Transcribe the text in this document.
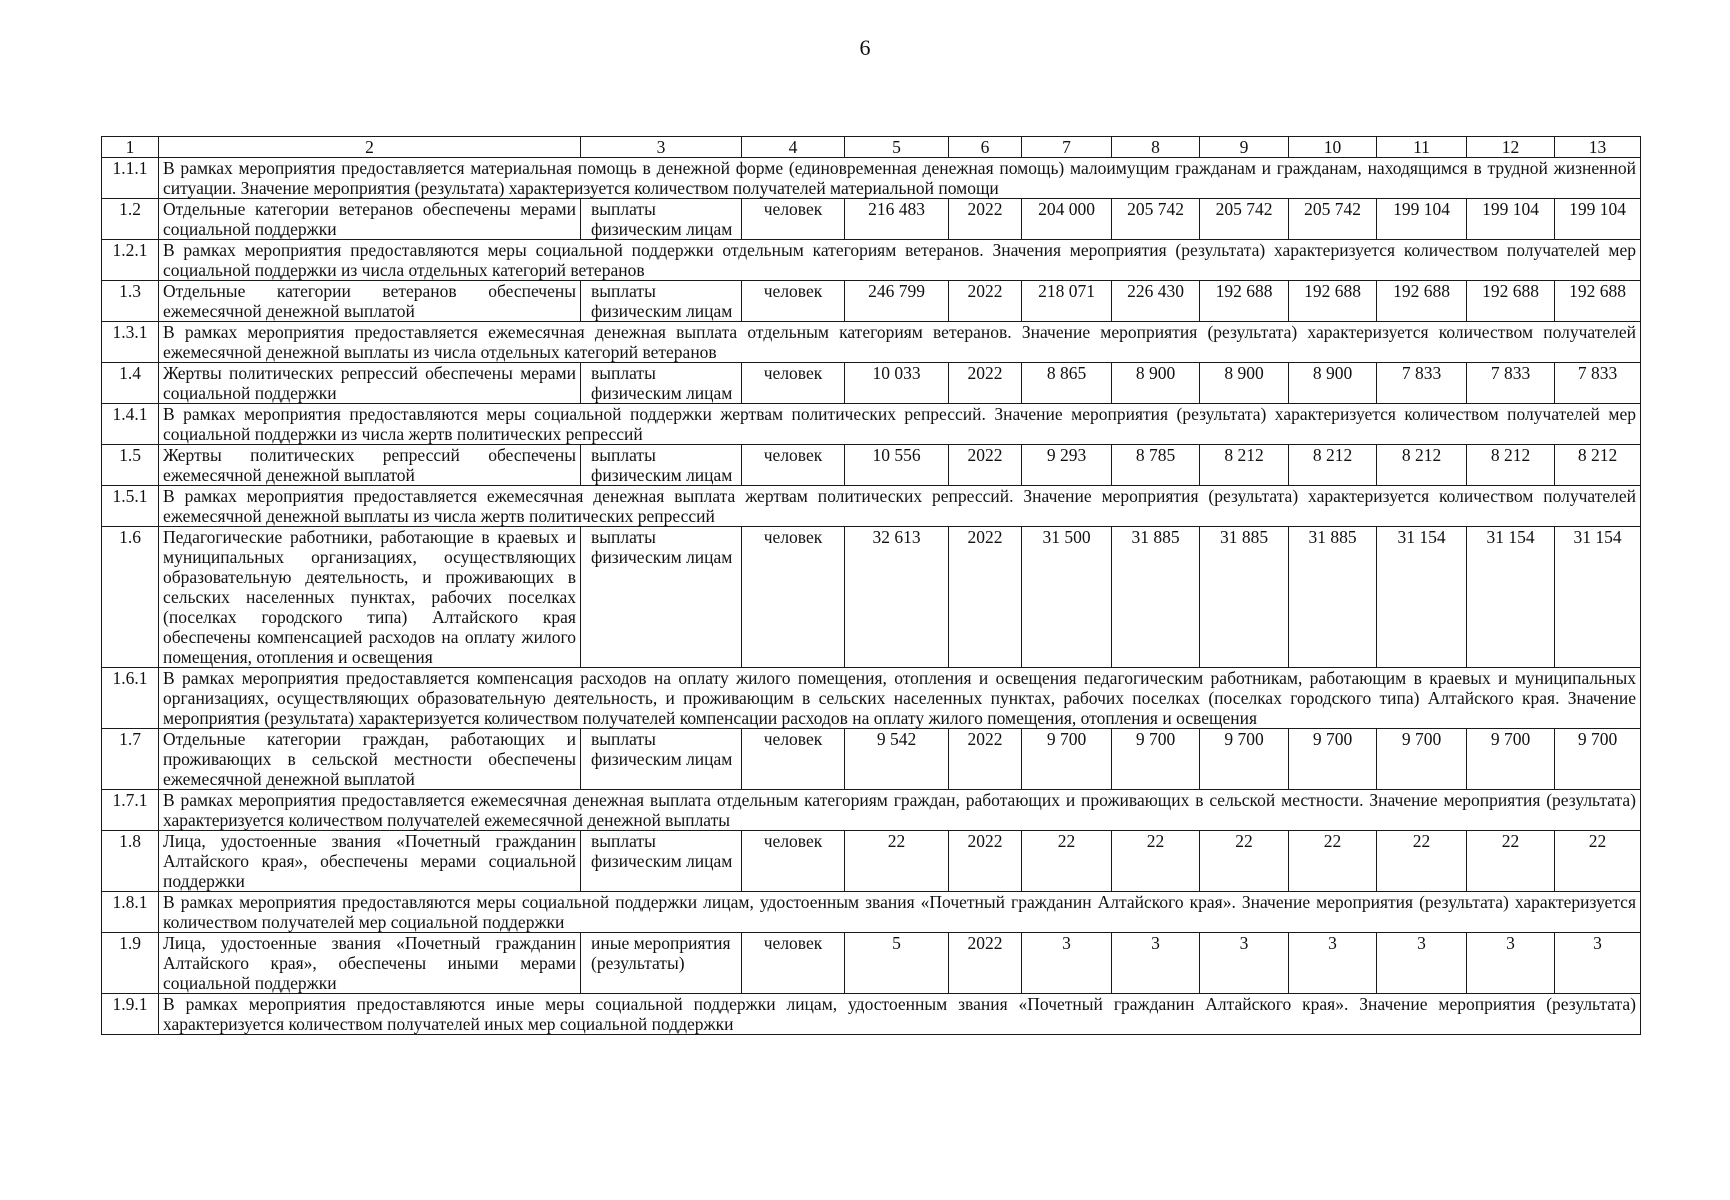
6
1	2	3	4	5	6	7	8	9	10	11	12	13
1.1.1	В рамках мероприятия предоставляется материальная помощь в денежной форме (единовременная денежная помощь) малоимущим гражданам и гражданам, находящимся в трудной жизненной ситуации. Значение мероприятия (результата) характеризуется количеством получателей материальной помощи											
1.2	Отдельные категории ветеранов обеспечены мерами социальной поддержки	выплаты физическим лицам	человек	216 483	2022	204 000	205 742	205 742	205 742	199 104	199 104	199 104
1.2.1	В рамках мероприятия предоставляются меры социальной поддержки отдельным категориям ветеранов. Значения мероприятия (результата) характеризуется количеством получателей мер социальной поддержки из числа отдельных категорий ветеранов											
1.3	Отдельные категории ветеранов обеспечены ежемесячной денежной выплатой	выплаты физическим лицам	человек	246 799	2022	218 071	226 430	192 688	192 688	192 688	192 688	192 688
1.3.1	В рамках мероприятия предоставляется ежемесячная денежная выплата отдельным категориям ветеранов. Значение мероприятия (результата) характеризуется количеством получателей ежемесячной денежной выплаты из числа отдельных категорий ветеранов											
1.4	Жертвы политических репрессий обеспечены мерами социальной поддержки	выплаты физическим лицам	человек	10 033	2022	8 865	8 900	8 900	8 900	7 833	7 833	7 833
1.4.1	В рамках мероприятия предоставляются меры социальной поддержки жертвам политических репрессий. Значение мероприятия (результата) характеризуется количеством получателей мер социальной поддержки из числа жертв политических репрессий											
1.5	Жертвы политических репрессий обеспечены ежемесячной денежной выплатой	выплаты физическим лицам	человек	10 556	2022	9 293	8 785	8 212	8 212	8 212	8 212	8 212
1.5.1	В рамках мероприятия предоставляется ежемесячная денежная выплата жертвам политических репрессий. Значение мероприятия (результата) характеризуется количеством получателей ежемесячной денежной выплаты из числа жертв политических репрессий											
1.6	Педагогические работники, работающие в краевых и муниципальных организациях, осуществляющих образовательную деятельность, и проживающих в сельских населенных пунктах, рабочих поселках (поселках городского типа) Алтайского края обеспечены компенсацией расходов на оплату жилого помещения, отопления и освещения	выплаты физическим лицам	человек	32 613	2022	31 500	31 885	31 885	31 885	31 154	31 154	31 154
1.6.1	В рамках мероприятия предоставляется компенсация расходов на оплату жилого помещения, отопления и освещения педагогическим работникам, работающим в краевых и муниципальных организациях, осуществляющих образовательную деятельность, и проживающим в сельских населенных пунктах, рабочих поселках (поселках городского типа) Алтайского края. Значение мероприятия (результата) характеризуется количеством получателей компенсации расходов на оплату жилого помещения, отопления и освещения											
1.7	Отдельные категории граждан, работающих и проживающих в сельской местности обеспечены ежемесячной денежной выплатой	выплаты физическим лицам	человек	9 542	2022	9 700	9 700	9 700	9 700	9 700	9 700	9 700
1.7.1	В рамках мероприятия предоставляется ежемесячная денежная выплата отдельным категориям граждан, работающих и проживающих в сельской местности. Значение мероприятия (результата) характеризуется количеством получателей ежемесячной денежной выплаты											
1.8	Лица, удостоенные звания «Почетный гражданин Алтайского края», обеспечены мерами социальной поддержки	выплаты физическим лицам	человек	22	2022	22	22	22	22	22	22	22
1.8.1	В рамках мероприятия предоставляются меры социальной поддержки лицам, удостоенным звания «Почетный гражданин Алтайского края». Значение мероприятия (результата) характеризуется количеством получателей мер социальной поддержки											
1.9	Лица, удостоенные звания «Почетный гражданин Алтайского края», обеспечены иными мерами социальной поддержки	иные мероприятия (результаты)	человек	5	2022	3	3	3	3	3	3	3
1.9.1	В рамках мероприятия предоставляются иные меры социальной поддержки лицам, удостоенным звания «Почетный гражданин Алтайского края». Значение мероприятия (результата) характеризуется количеством получателей иных мер социальной поддержки											
